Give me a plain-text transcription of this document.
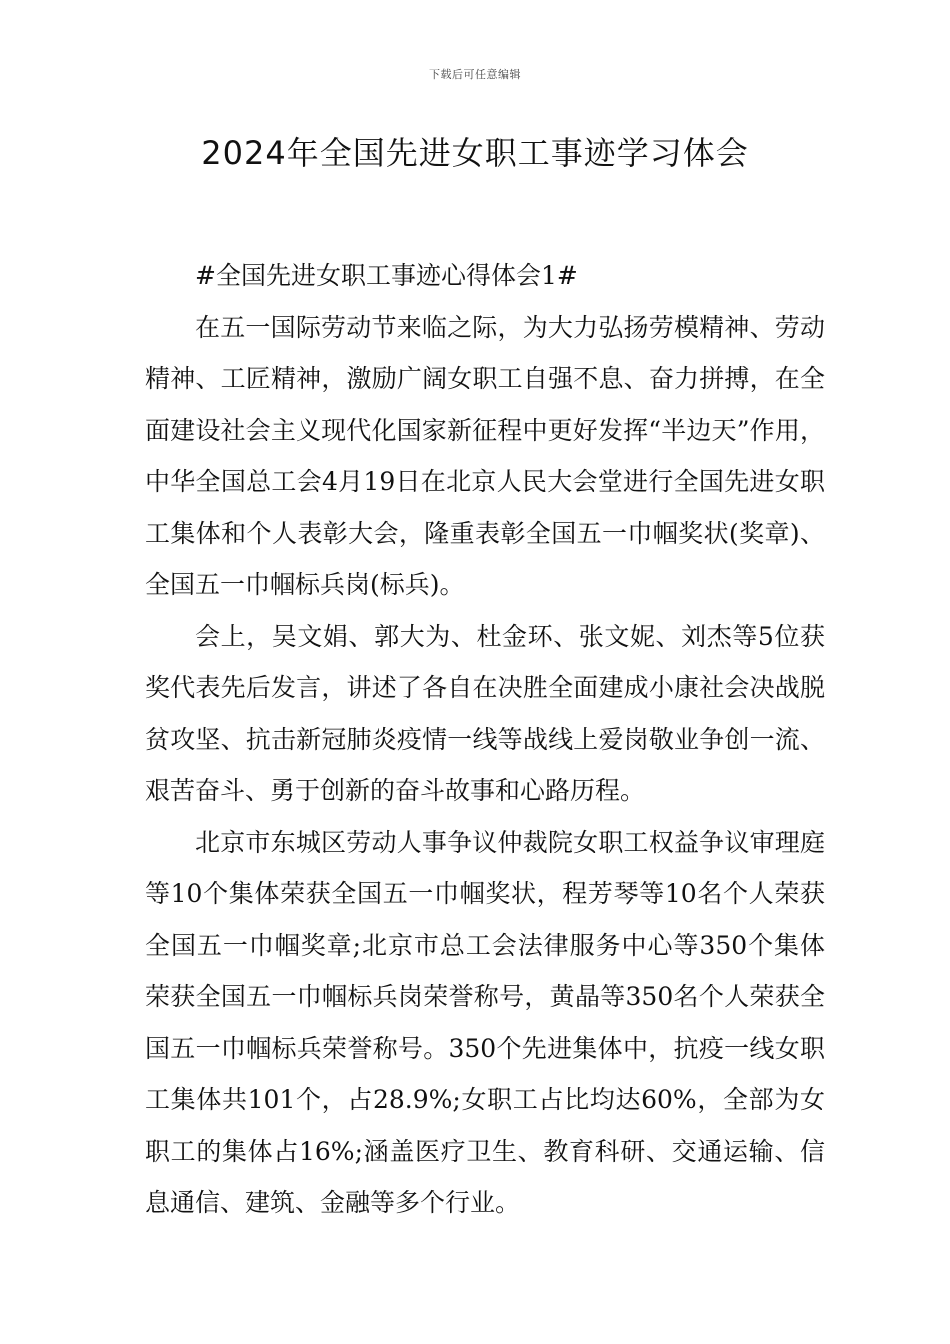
下载后可任意编辑
2024年全国先进女职工事迹学习体会

#全国先进女职工事迹心得体会1#

在五一国际劳动节来临之际，为大力弘扬劳模精神、劳动精神、工匠精神，激励广阔女职工自强不息、奋力拼搏，在全面建设社会主义现代化国家新征程中更好发挥“半边天”作用，中华全国总工会4月19日在北京人民大会堂进行全国先进女职工集体和个人表彰大会，隆重表彰全国五一巾帼奖状(奖章)、全国五一巾帼标兵岗(标兵)。

会上，吴文娟、郭大为、杜金环、张文妮、刘杰等5位获奖代表先后发言，讲述了各自在决胜全面建成小康社会决战脱贫攻坚、抗击新冠肺炎疫情一线等战线上爱岗敬业争创一流、艰苦奋斗、勇于创新的奋斗故事和心路历程。

北京市东城区劳动人事争议仲裁院女职工权益争议审理庭等10个集体荣获全国五一巾帼奖状，程芳琴等10名个人荣获全国五一巾帼奖章;北京市总工会法律服务中心等350个集体荣获全国五一巾帼标兵岗荣誉称号，黄晶等350名个人荣获全国五一巾帼标兵荣誉称号。350个先进集体中，抗疫一线女职工集体共101个，占28.9%;女职工占比均达60%，全部为女职工的集体占16%;涵盖医疗卫生、教育科研、交通运输、信息通信、建筑、金融等多个行业。
